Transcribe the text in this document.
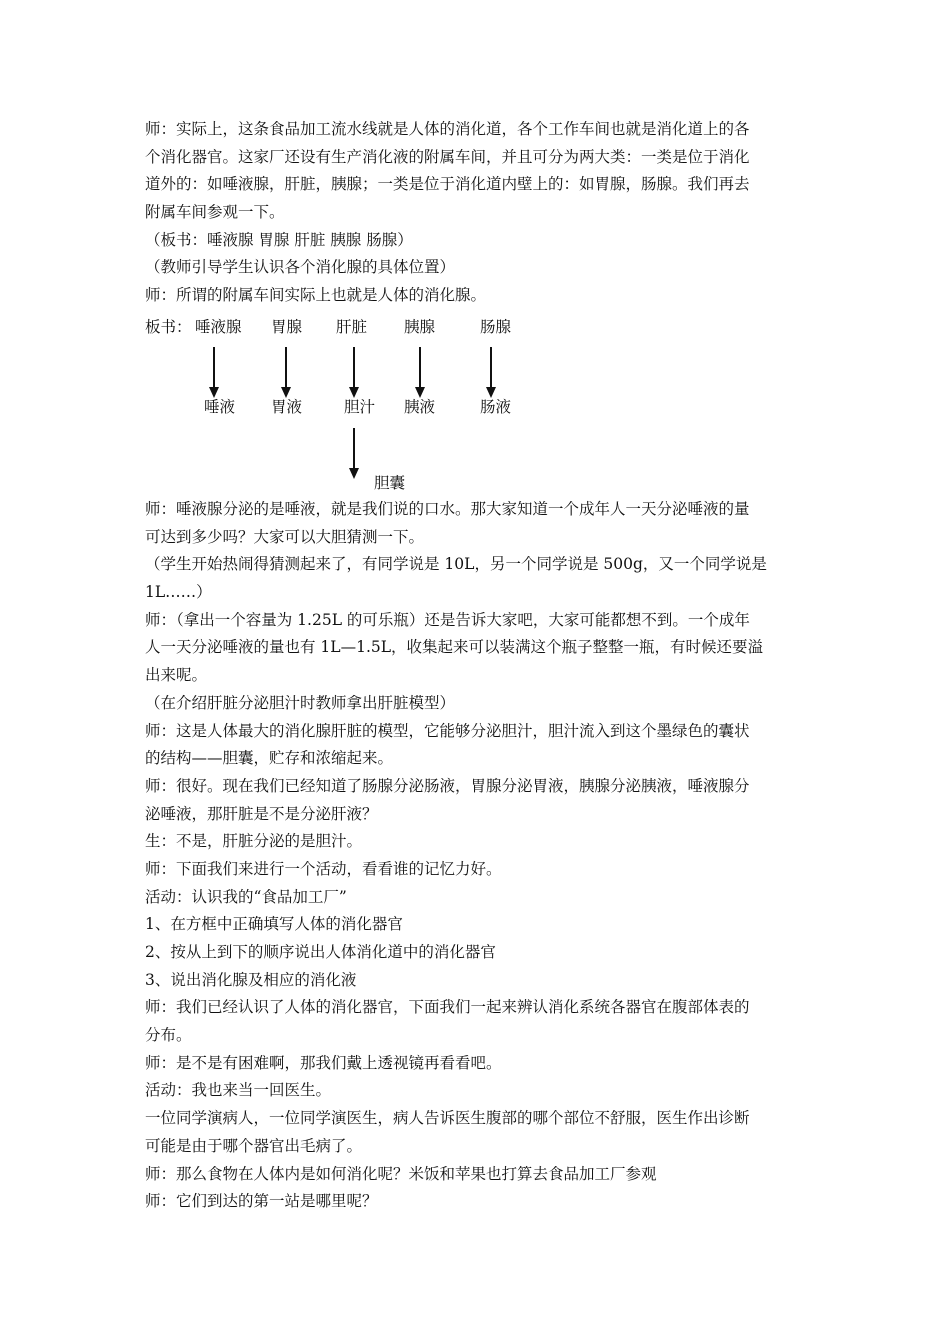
师：实际上，这条食品加工流水线就是人体的消化道，各个工作车间也就是消化道上的各
个消化器官。这家厂还设有生产消化液的附属车间，并且可分为两大类：一类是位于消化
道外的：如唾液腺，肝脏，胰腺；一类是位于消化道内壁上的：如胃腺，肠腺。我们再去
附属车间参观一下。
（板书：唾液腺 胃腺 肝脏 胰腺 肠腺）
（教师引导学生认识各个消化腺的具体位置）
师：所谓的附属车间实际上也就是人体的消化腺。
板书： 唾液腺 胃腺 肝脏 胰腺	肠腺
唾液 胃液	胆汁 胰液	肠液
胆囊
师：唾液腺分泌的是唾液，就是我们说的口水。那大家知道一个成年人一天分泌唾液的量
可达到多少吗？大家可以大胆猜测一下。
（学生开始热闹得猜测起来了，有同学说是 10L，另一个同学说是 500g，又一个同学说是
1L……）
师：（拿出一个容量为 1.25L 的可乐瓶）还是告诉大家吧，大家可能都想不到。一个成年
人一天分泌唾液的量也有 1L—1.5L，收集起来可以装满这个瓶子整整一瓶，有时候还要溢
出来呢。
（在介绍肝脏分泌胆汁时教师拿出肝脏模型）
师：这是人体最大的消化腺肝脏的模型，它能够分泌胆汁，胆汁流入到这个墨绿色的囊状
的结构——胆囊，贮存和浓缩起来。
师：很好。现在我们已经知道了肠腺分泌肠液，胃腺分泌胃液，胰腺分泌胰液，唾液腺分
泌唾液，那肝脏是不是分泌肝液？
生：不是，肝脏分泌的是胆汁。
师：下面我们来进行一个活动，看看谁的记忆力好。
活动：认识我的“食品加工厂”
1、在方框中正确填写人体的消化器官
2、按从上到下的顺序说出人体消化道中的消化器官
3、说出消化腺及相应的消化液
师：我们已经认识了人体的消化器官，下面我们一起来辨认消化系统各器官在腹部体表的
分布。
师：是不是有困难啊，那我们戴上透视镜再看看吧。
活动：我也来当一回医生。
一位同学演病人，一位同学演医生，病人告诉医生腹部的哪个部位不舒服，医生作出诊断
可能是由于哪个器官出毛病了。
师：那么食物在人体内是如何消化呢？米饭和苹果也打算去食品加工厂参观
师：它们到达的第一站是哪里呢？
